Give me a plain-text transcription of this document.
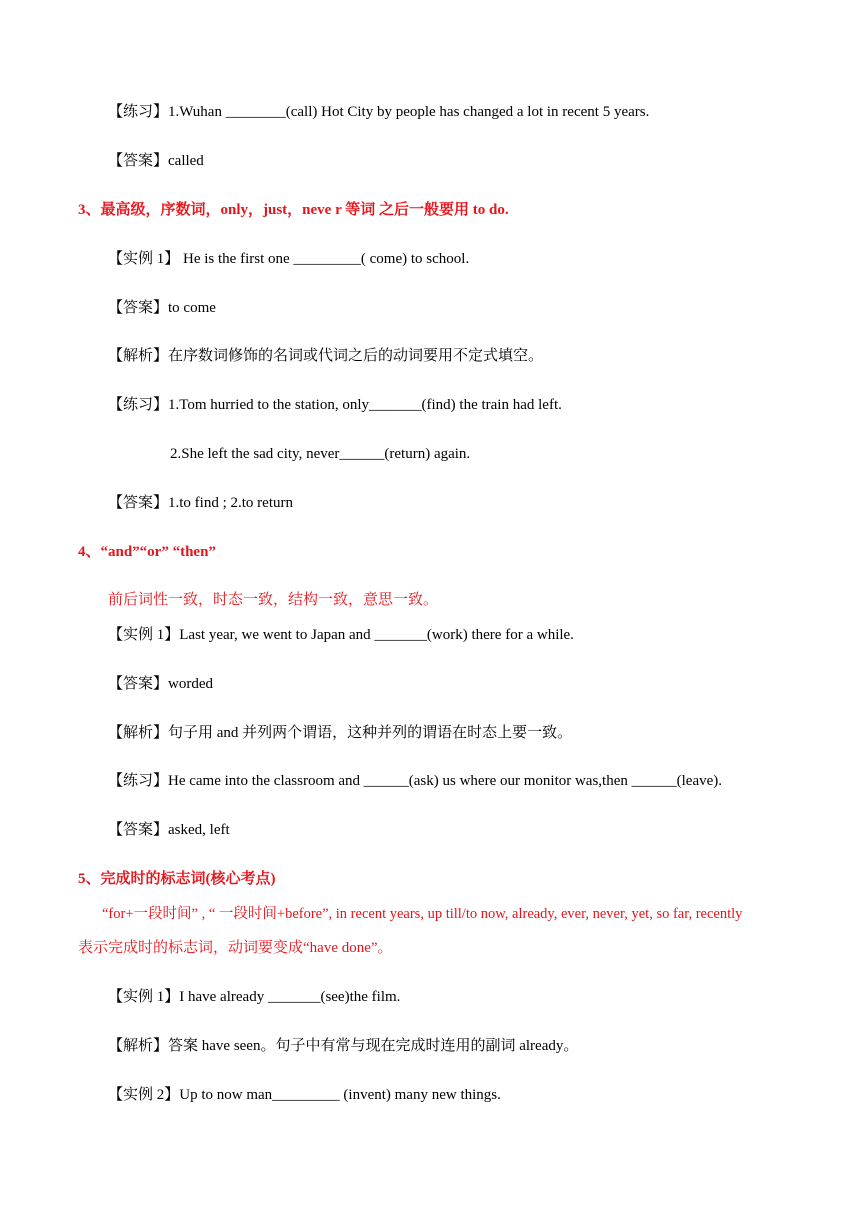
【练习】1.Wuhan ________(call) Hot City by people has changed a lot in recent 5 years.
【答案】called
3、最高级，序数词，only，just，neve r 等词 之后一般要用 to do.
【实例 1】 He is the first one _________( come) to school.
【答案】to come
【解析】在序数词修饰的名词或代词之后的动词要用不定式填空。
【练习】1.Tom hurried to the station, only_______(find) the train had left.
2.She left the sad city, never______(return) again.
【答案】1.to find ; 2.to return
4、“and”“or” “then”
前后词性一致，时态一致，结构一致，意思一致。
【实例 1】Last year, we went to Japan and _______(work) there for a while.
【答案】worded
【解析】句子用 and 并列两个谓语，这种并列的谓语在时态上要一致。
【练习】He came into the classroom and ______(ask) us where our monitor was,then ______(leave).
【答案】asked, left
5、完成时的标志词(核心考点)
“for+一段时间” , “ 一段时间+before”, in recent years, up till/to now, already, ever, never, yet, so far, recently
表示完成时的标志词，动词要变成“have done”。
【实例 1】I have already _______(see)the film.
【解析】答案 have seen。句子中有常与现在完成时连用的副词 already。
【实例 2】Up to now man_________ (invent) many new things.
